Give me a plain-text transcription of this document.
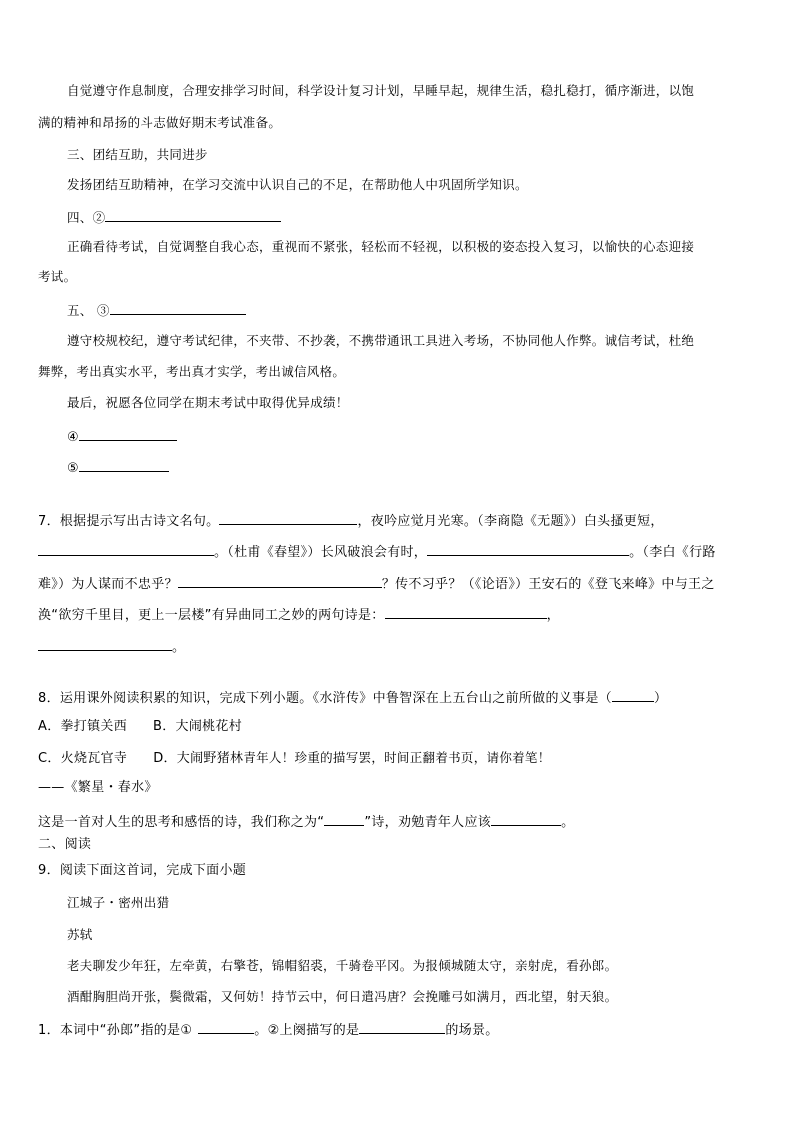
自觉遵守作息制度，合理安排学习时间，科学设计复习计划，早睡早起，规律生活，稳扎稳打，循序渐进，以饱
满的精神和昂扬的斗志做好期末考试准备。
三、团结互助，共同进步
发扬团结互助精神，在学习交流中认识自己的不足，在帮助他人中巩固所学知识。
四、②
正确看待考试，自觉调整自我心态，重视而不紧张，轻松而不轻视，以积极的姿态投入复习，以愉快的心态迎接
考试。
五、 ③
遵守校规校纪，遵守考试纪律，不夹带、不抄袭，不携带通讯工具进入考场，不协同他人作弊。诚信考试，杜绝
舞弊，考出真实水平，考出真才实学，考出诚信风格。
最后，祝愿各位同学在期末考试中取得优异成绩！
④
⑤
7．根据提示写出古诗文名句。	，夜吟应觉月光寒。（李商隐《无题》）白头搔更短，
。（杜甫《春望》）长风破浪会有时，	。（李白《行路
难》）为人谋而不忠乎？	？传不习乎？（《论语》）王安石的《登飞来峰》中与王之
涣“欲穷千里目，更上一层楼”有异曲同工之妙的两句诗是：	，
。
8．运用课外阅读积累的知识，完成下列小题。《水浒传》中鲁智深在上五台山之前所做的义事是（	）
A．拳打镇关西 B．大闹桃花村
C．火烧瓦官寺 D．大闹野猪林青年人！珍重的描写罢，时间正翻着书页，请你着笔！
——《繁星・春水》
这是一首对人生的思考和感悟的诗，我们称之为“	”诗，劝勉青年人应该	。
二、阅读
9．阅读下面这首词，完成下面小题
江城子・密州出猎
苏轼
老夫聊发少年狂，左牵黄，右擎苍，锦帽貂裘，千骑卷平冈。为报倾城随太守，亲射虎，看孙郎。
酒酣胸胆尚开张，鬓微霜，又何妨！持节云中，何日遣冯唐？会挽雕弓如满月，西北望，射天狼。
1．本词中“孙郎”指的是①	。②上阕描写的是	的场景。
